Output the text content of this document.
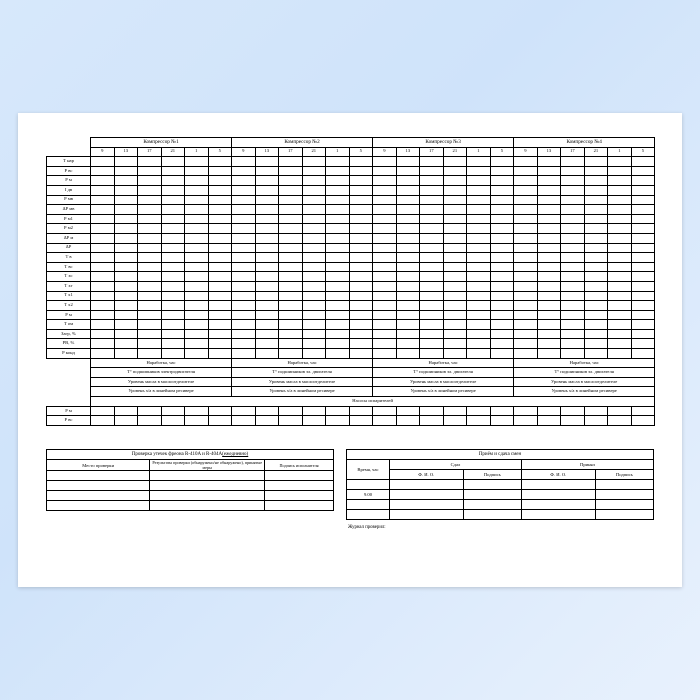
	Компрессор №1						Компрессор №2						Компрессор №3						Компрессор №4					
	9	13	17	21	1	5	9	13	17	21	1	5	9	13	17	21	1	5	9	13	17	21	1	5
Т нар																								
Р вс																								
Р м																								
I дв																								
Р мв																								
ΔР мв																								
Р м1																								
Р м2																								
ΔР м																								
ΔР																								
Т в																								
Т вс																								
Т хс																								
Т хг																								
Т х1																								
Т х2																								
Р м																								
Т ом																								
Загр, %																								
РВ, %																								
Р конд																								
	Наработка, час						Наработка, час						Наработка, час						Наработка, час					
	Т° подшипников электродвигателя						Т° подшипников эл. двигателя						Т° подшипников эл. двигателя						Т° подшипников эл. двигателя					
	Уровень масла в маслоотделителе						Уровень масла в маслоотделителе						Уровень масла в маслоотделителе						Уровень масла в маслоотделителе					
	Уровень х/а в линейном ресивере						Уровень х/а в линейном ресивере						Уровень х/а в линейном ресивере						Уровень х/а в линейном ресивере					
	Насосы испарителей																							
Р м																								
Р вс																								
Проверка утечек фреона R-410A и R-404A(ежедневно)		
Место проверки	Результаты проверки (обнаружено/не обнаружено), принятые меры	Подпись исполнителя

Приём и сдача смен				
Время, час	Сдал		Принял	
	Ф. И. О.	Подпись	Ф. И. О.	Подпись

9.00				

Журнал проверил:
